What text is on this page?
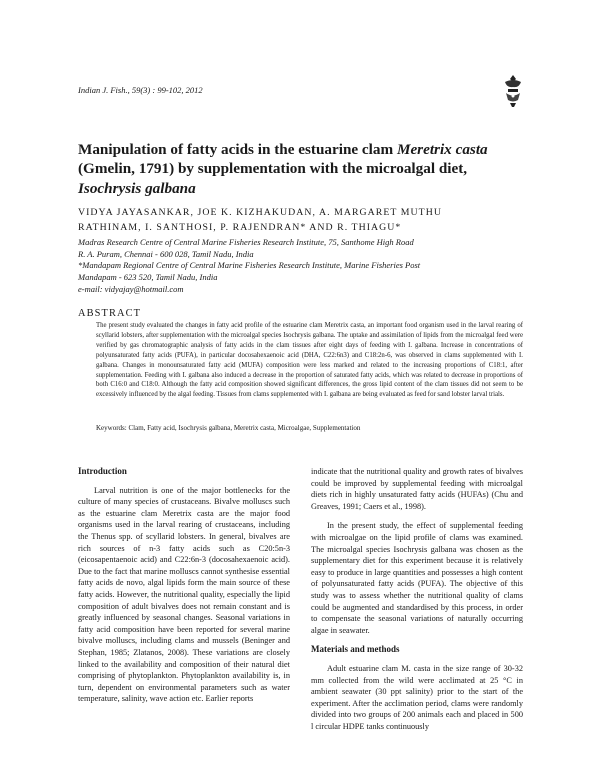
Indian J. Fish., 59(3) : 99-102, 2012
Manipulation of fatty acids in the estuarine clam Meretrix casta
(Gmelin, 1791) by supplementation with the microalgal diet,
Isochrysis galbana
VIDYA JAYASANKAR, JOE K. KIZHAKUDAN, A. MARGARET MUTHU
RATHINAM, I. SANTHOSI, P. RAJENDRAN* AND R. THIAGU*
Madras Research Centre of Central Marine Fisheries Research Institute, 75, Santhome High Road
R. A. Puram, Chennai - 600 028, Tamil Nadu, India
*Mandapam Regional Centre of Central Marine Fisheries Research Institute, Marine Fisheries Post
Mandapam - 623 520, Tamil Nadu, India
e-mail: vidyajay@hotmail.com
ABSTRACT
The present study evaluated the changes in fatty acid profile of the estuarine clam Meretrix casta, an important food organism used in the larval rearing of scyllarid lobsters, after supplementation with the microalgal species Isochrysis galbana. The uptake and assimilation of lipids from the microalgal feed were verified by gas chromatographic analysis of fatty acids in the clam tissues after eight days of feeding with I. galbana. Increase in concentrations of polyunsaturated fatty acids (PUFA), in particular docosahexaenoic acid (DHA, C22:6n3) and C18:2n-6, was observed in clams supplemented with I. galbana. Changes in monounsaturated fatty acid (MUFA) composition were less marked and related to the increasing proportions of C18:1, after supplementation. Feeding with I. galbana also induced a decrease in the proportion of saturated fatty acids, which was related to decrease in proportions of both C16:0 and C18:0. Although the fatty acid composition showed significant differences, the gross lipid content of the clam tissues did not seem to be excessively influenced by the algal feeding. Tissues from clams supplemented with I. galbana are being evaluated as feed for sand lobster larval trials.
Keywords: Clam, Fatty acid, Isochrysis galbana, Meretrix casta, Microalgae, Supplementation
Introduction

Larval nutrition is one of the major bottlenecks for the culture of many species of crustaceans. Bivalve molluscs such as the estuarine clam Meretrix casta are the major food organisms used in the larval rearing of crustaceans, including the Thenus spp. of scyllarid lobsters. In general, bivalves are rich sources of n-3 fatty acids such as C20:5n-3 (eicosapentaenoic acid) and C22:6n-3 (docosahexaenoic acid). Due to the fact that marine molluscs cannot synthesise essential fatty acids de novo, algal lipids form the main source of these fatty acids. However, the nutritional quality, especially the lipid composition of adult bivalves does not remain constant and is greatly influenced by seasonal changes. Seasonal variations in fatty acid composition have been reported for several marine bivalve molluscs, including clams and mussels (Beninger and Stephan, 1985; Zlatanos, 2008). These variations are closely linked to the availability and composition of their natural diet comprising of phytoplankton. Phytoplankton availability is, in turn, dependent on environmental parameters such as water temperature, salinity, wave action etc. Earlier reports

indicate that the nutritional quality and growth rates of bivalves could be improved by supplemental feeding with microalgal diets rich in highly unsaturated fatty acids (HUFAs) (Chu and Greaves, 1991; Caers et al., 1998).

In the present study, the effect of supplemental feeding with microalgae on the lipid profile of clams was examined. The microalgal species Isochrysis galbana was chosen as the supplementary diet for this experiment because it is relatively easy to produce in large quantities and possesses a high content of polyunsaturated fatty acids (PUFA). The objective of this study was to assess whether the nutritional quality of clams could be augmented and standardised by this process, in order to compensate the seasonal variations of naturally occurring algae in seawater.

Materials and methods

Adult estuarine clam M. casta in the size range of 30-32 mm collected from the wild were acclimated at 25 °C in ambient seawater (30 ppt salinity) prior to the start of the experiment. After the acclimation period, clams were randomly divided into two groups of 200 animals each and placed in 500 l circular HDPE tanks continuously
